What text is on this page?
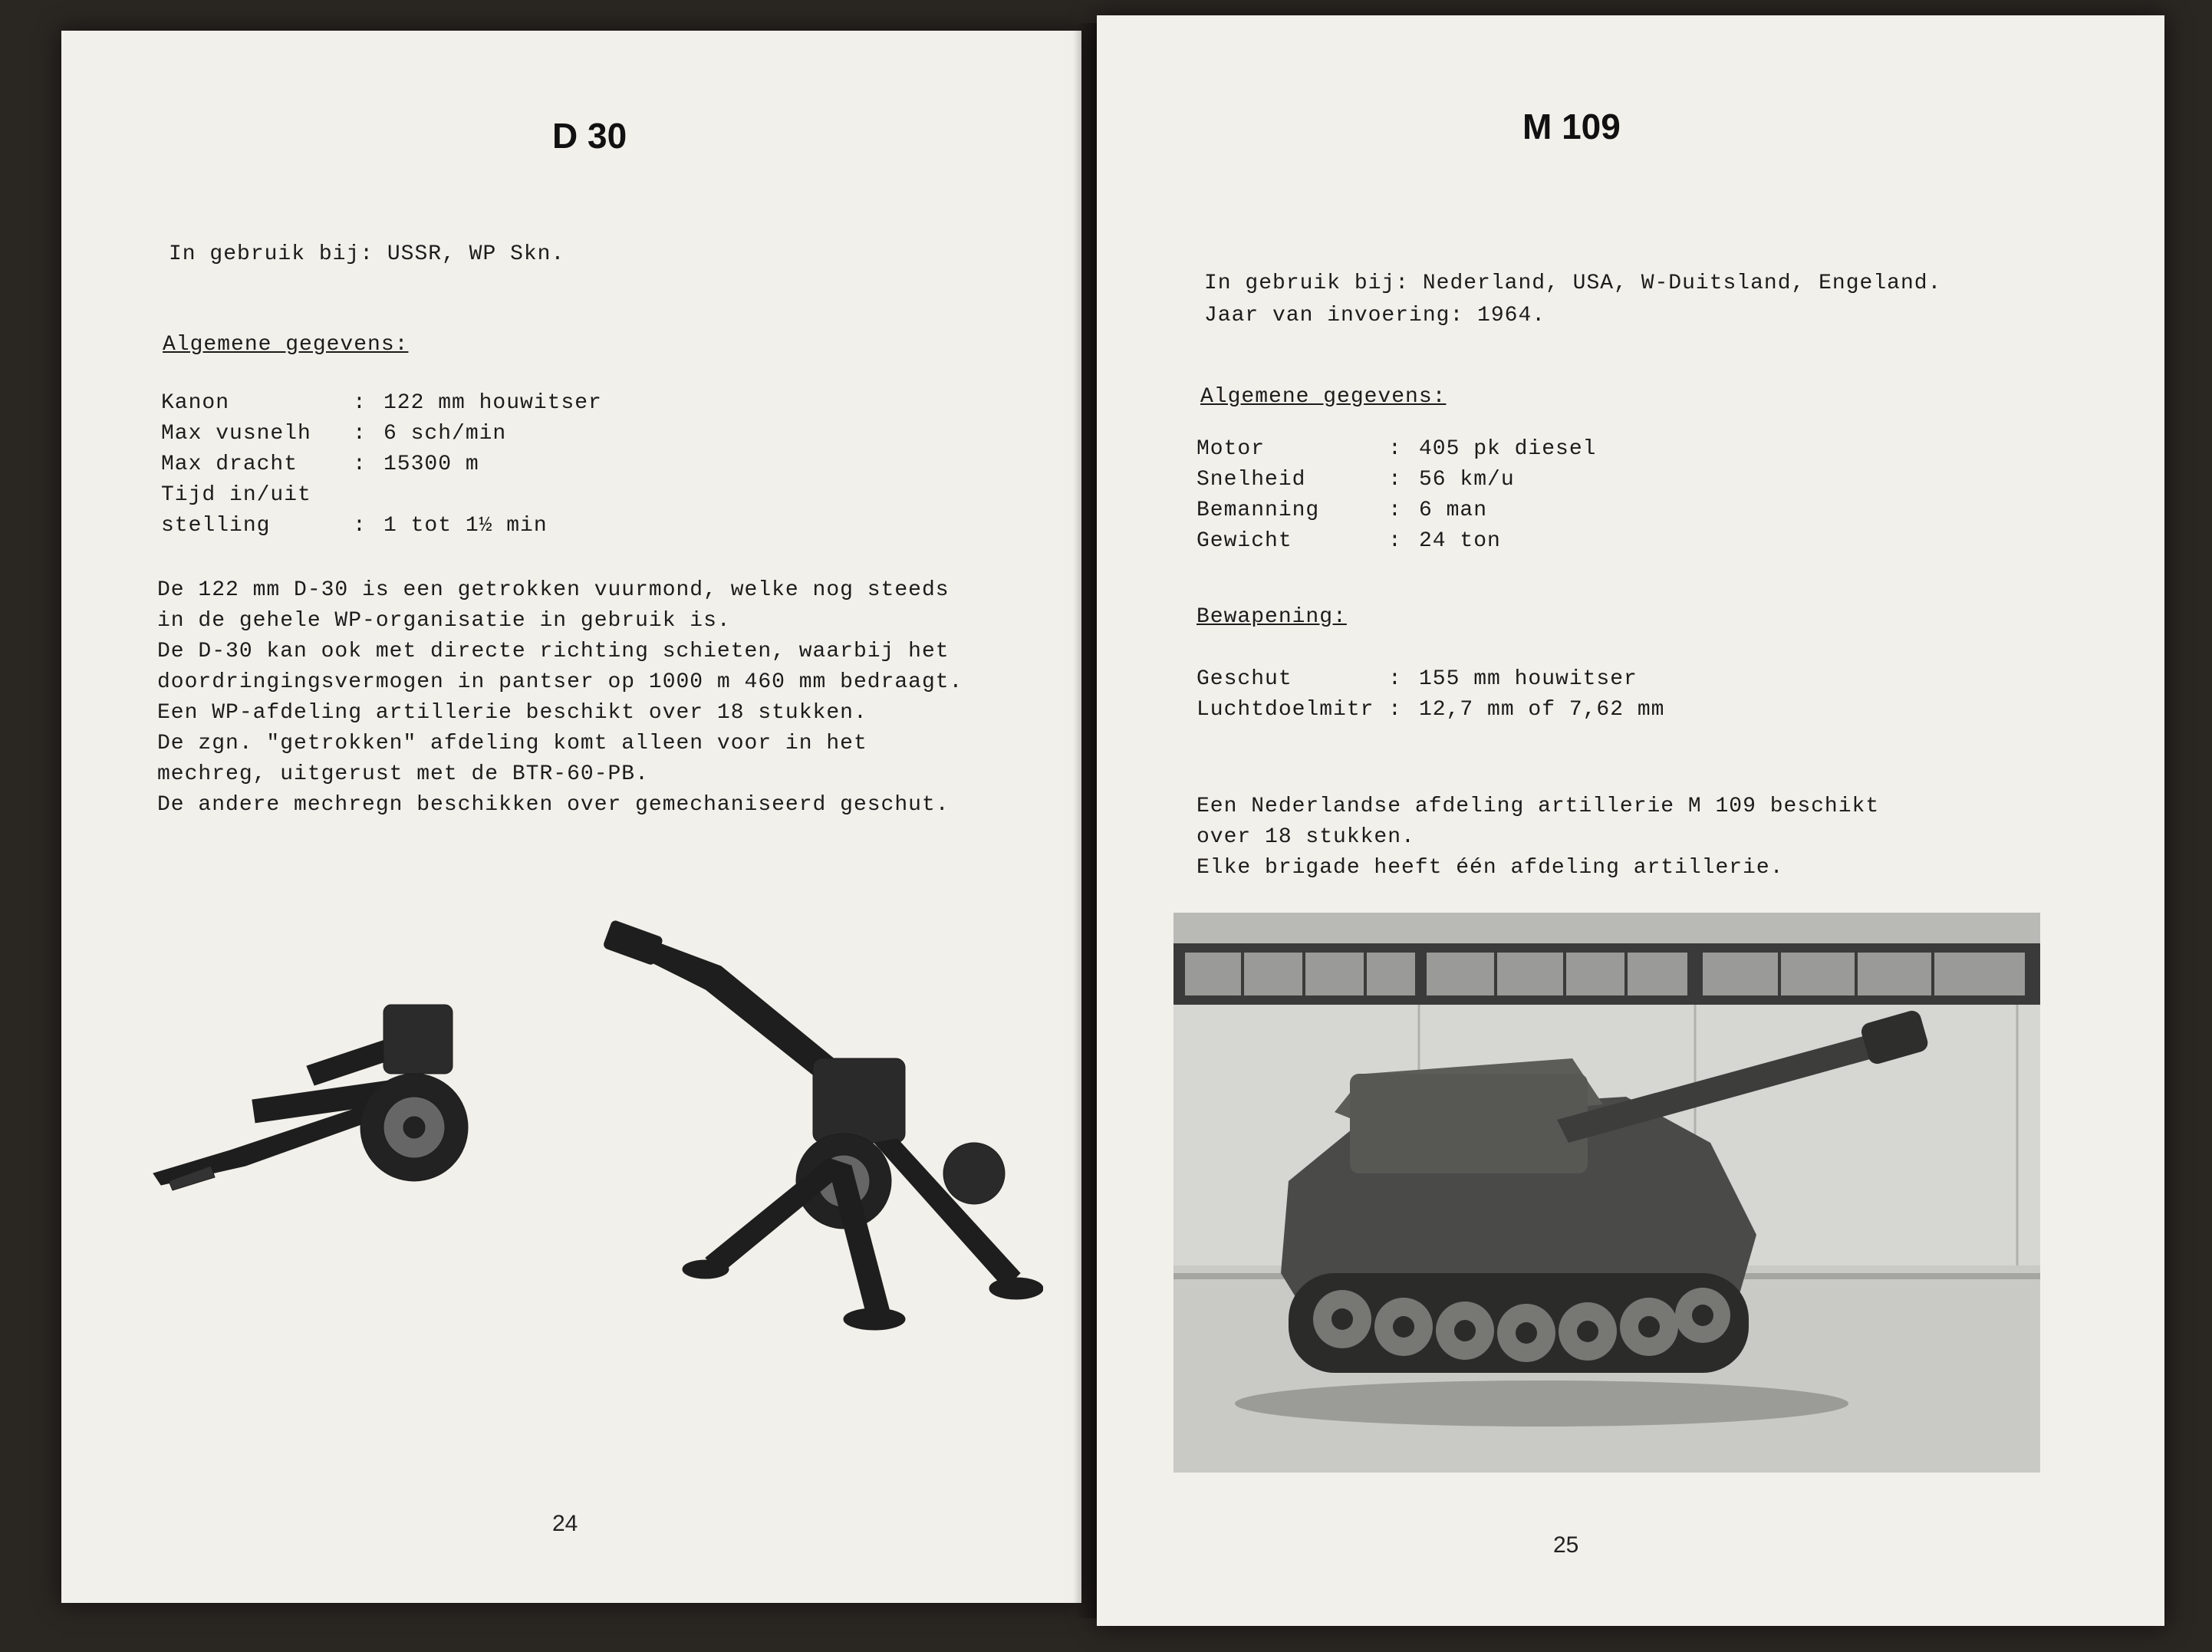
D 30
In gebruik bij: USSR, WP Skn.
Algemene gegevens:
Kanon	: 122 mm houwitser
Max vusnelh : 6 sch/min
Max dracht	: 15300 m
Tijd in/uit
stelling	: 1 tot 1½ min
De 122 mm D-30 is een getrokken vuurmond, welke nog steeds
in de gehele WP-organisatie in gebruik is.
De D-30 kan ook met directe richting schieten, waarbij het
doordringingsvermogen in pantser op 1000 m 460 mm bedraagt.
Een WP-afdeling artillerie beschikt over 18 stukken.
De zgn. "getrokken" afdeling komt alleen voor in het
mechreg, uitgerust met de BTR-60-PB.
De andere mechregn beschikken over gemechaniseerd geschut.
24
M 109
In gebruik bij: Nederland, USA, W-Duitsland, Engeland.
Jaar van invoering: 1964.
Algemene gegevens:
Motor	: 405 pk diesel
Snelheid	: 56 km/u
Bemanning	: 6 man
Gewicht	: 24 ton
Bewapening:
Geschut	: 155 mm houwitser
Luchtdoelmitr : 12,7 mm of 7,62 mm
Een Nederlandse afdeling artillerie M 109 beschikt
over 18 stukken.
Elke brigade heeft één afdeling artillerie.
25
